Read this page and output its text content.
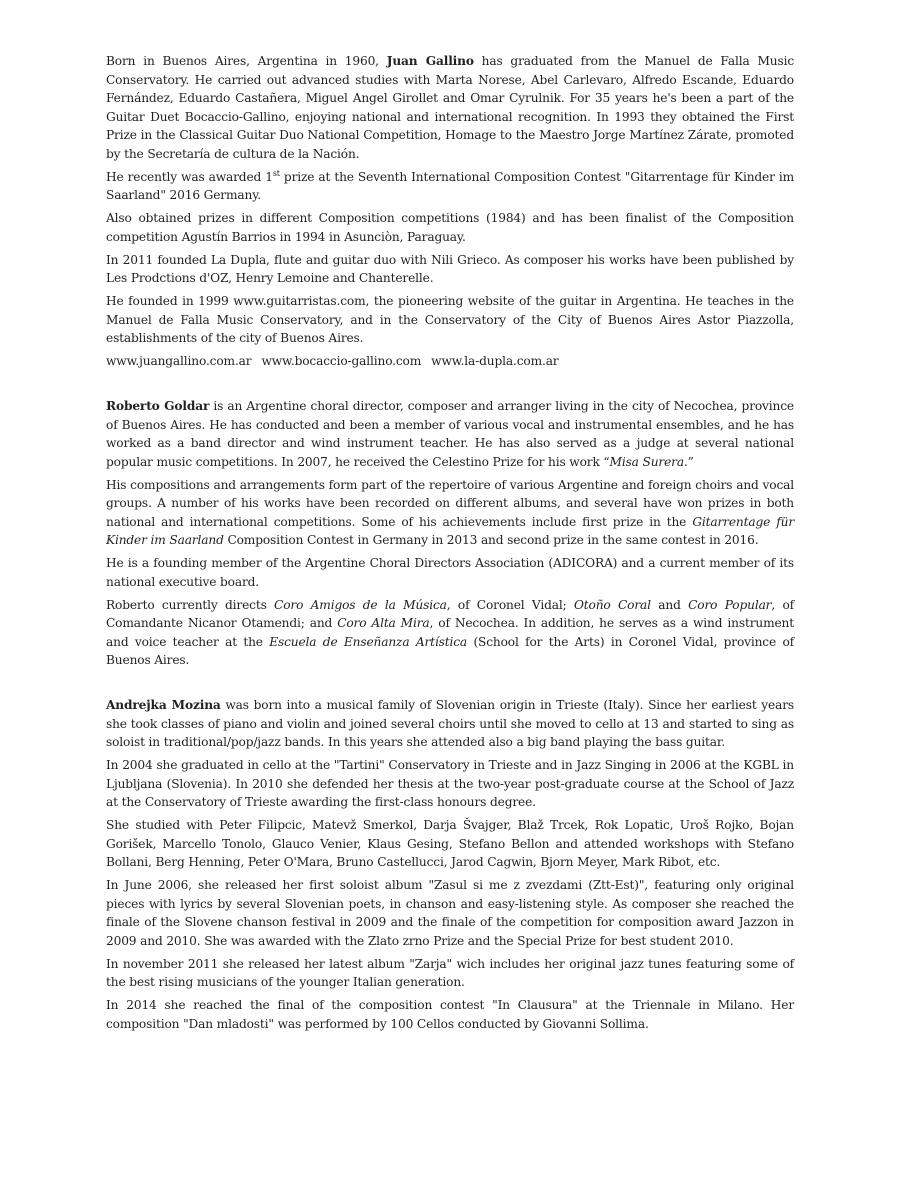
Born in Buenos Aires, Argentina in 1960, Juan Gallino has graduated from the Manuel de Falla Music Conservatory. He carried out advanced studies with Marta Norese, Abel Carlevaro, Alfredo Escande, Eduardo Fernández, Eduardo Castañera, Miguel Angel Girollet and Omar Cyrulnik. For 35 years he's been a part of the Guitar Duet Bocaccio-Gallino, enjoying national and international recognition. In 1993 they obtained the First Prize in the Classical Guitar Duo National Competition, Homage to the Maestro Jorge Martínez Zárate, promoted by the Secretaría de cultura de la Nación.

He recently was awarded 1st prize at the Seventh International Composition Contest "Gitarrentage für Kinder im Saarland" 2016 Germany.

Also obtained prizes in different Composition competitions (1984) and has been finalist of the Composition competition Agustín Barrios in 1994 in Asunciòn, Paraguay.

In 2011 founded La Dupla, flute and guitar duo with Nili Grieco. As composer his works have been published by Les Prodctions d'OZ, Henry Lemoine and Chanterelle.

He founded in 1999 www.guitarristas.com, the pioneering website of the guitar in Argentina. He teaches in the Manuel de Falla Music Conservatory, and in the Conservatory of the City of Buenos Aires Astor Piazzolla, establishments of the city of Buenos Aires.

www.juangallino.com.ar www.bocaccio-gallino.com www.la-dupla.com.ar

Roberto Goldar is an Argentine choral director, composer and arranger living in the city of Necochea, province of Buenos Aires. He has conducted and been a member of various vocal and instrumental ensembles, and he has worked as a band director and wind instrument teacher. He has also served as a judge at several national popular music competitions. In 2007, he received the Celestino Prize for his work “Misa Surera.”

His compositions and arrangements form part of the repertoire of various Argentine and foreign choirs and vocal groups. A number of his works have been recorded on different albums, and several have won prizes in both national and international competitions. Some of his achievements include first prize in the Gitarrentage für Kinder im Saarland Composition Contest in Germany in 2013 and second prize in the same contest in 2016.

He is a founding member of the Argentine Choral Directors Association (ADICORA) and a current member of its national executive board.

Roberto currently directs Coro Amigos de la Música, of Coronel Vidal; Otoño Coral and Coro Popular, of Comandante Nicanor Otamendi; and Coro Alta Mira, of Necochea. In addition, he serves as a wind instrument and voice teacher at the Escuela de Enseñanza Artística (School for the Arts) in Coronel Vidal, province of Buenos Aires.

Andrejka Mozina was born into a musical family of Slovenian origin in Trieste (Italy). Since her earliest years she took classes of piano and violin and joined several choirs until she moved to cello at 13 and started to sing as soloist in traditional/pop/jazz bands. In this years she attended also a big band playing the bass guitar.

In 2004 she graduated in cello at the "Tartini" Conservatory in Trieste and in Jazz Singing in 2006 at the KGBL in Ljubljana (Slovenia). In 2010 she defended her thesis at the two-year post-graduate course at the School of Jazz at the Conservatory of Trieste awarding the first-class honours degree.

She studied with Peter Filipcic, Matevž Smerkol, Darja Švajger, Blaž Trcek, Rok Lopatic, Uroš Rojko, Bojan Gorišek, Marcello Tonolo, Glauco Venier, Klaus Gesing, Stefano Bellon and attended workshops with Stefano Bollani, Berg Henning, Peter O'Mara, Bruno Castellucci, Jarod Cagwin, Bjorn Meyer, Mark Ribot, etc.

In June 2006, she released her first soloist album "Zasul si me z zvezdami (Ztt-Est)", featuring only original pieces with lyrics by several Slovenian poets, in chanson and easy-listening style. As composer she reached the finale of the Slovene chanson festival in 2009 and the finale of the competition for composition award Jazzon in 2009 and 2010. She was awarded with the Zlato zrno Prize and the Special Prize for best student 2010.

In november 2011 she released her latest album "Zarja" wich includes her original jazz tunes featuring some of the best rising musicians of the younger Italian generation.

In 2014 she reached the final of the composition contest "In Clausura" at the Triennale in Milano. Her composition "Dan mladosti" was performed by 100 Cellos conducted by Giovanni Sollima.
